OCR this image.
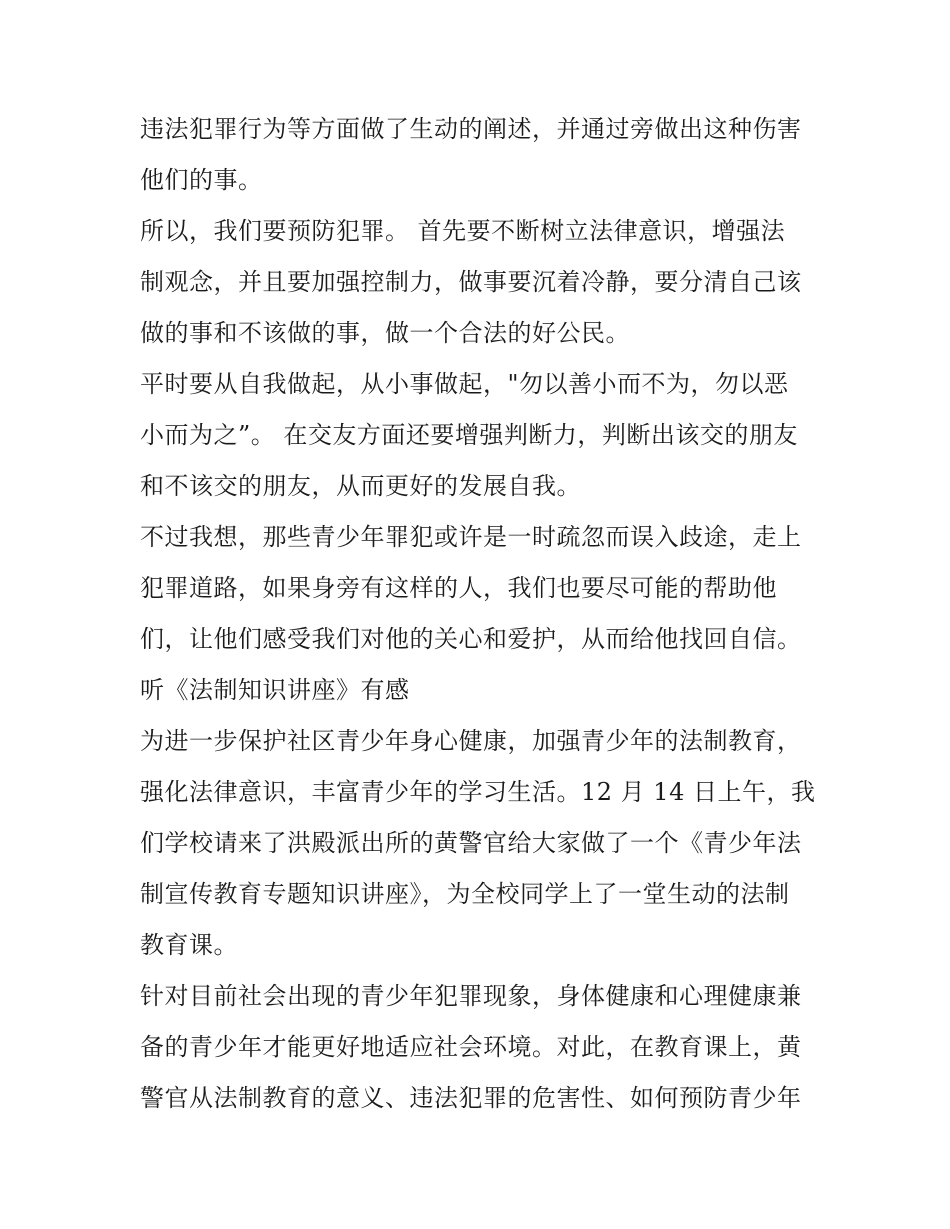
违法犯罪行为等方面做了生动的阐述，并通过旁做出这种伤害
他们的事。
所以，我们要预防犯罪。 首先要不断树立法律意识，增强法
制观念，并且要加强控制力，做事要沉着冷静，要分清自己该
做的事和不该做的事，做一个合法的好公民。
平时要从自我做起，从小事做起，"勿以善小而不为，勿以恶
小而为之”。 在交友方面还要增强判断力，判断出该交的朋友
和不该交的朋友，从而更好的发展自我。
不过我想，那些青少年罪犯或许是一时疏忽而误入歧途，走上
犯罪道路，如果身旁有这样的人，我们也要尽可能的帮助他
们，让他们感受我们对他的关心和爱护，从而给他找回自信。
听《法制知识讲座》有感
为进一步保护社区青少年身心健康，加强青少年的法制教育，
强化法律意识，丰富青少年的学习生活。12 月 14 日上午，我
们学校请来了洪殿派出所的黄警官给大家做了一个《青少年法
制宣传教育专题知识讲座》，为全校同学上了一堂生动的法制
教育课。
针对目前社会出现的青少年犯罪现象，身体健康和心理健康兼
备的青少年才能更好地适应社会环境。对此，在教育课上，黄
警官从法制教育的意义、违法犯罪的危害性、如何预防青少年
